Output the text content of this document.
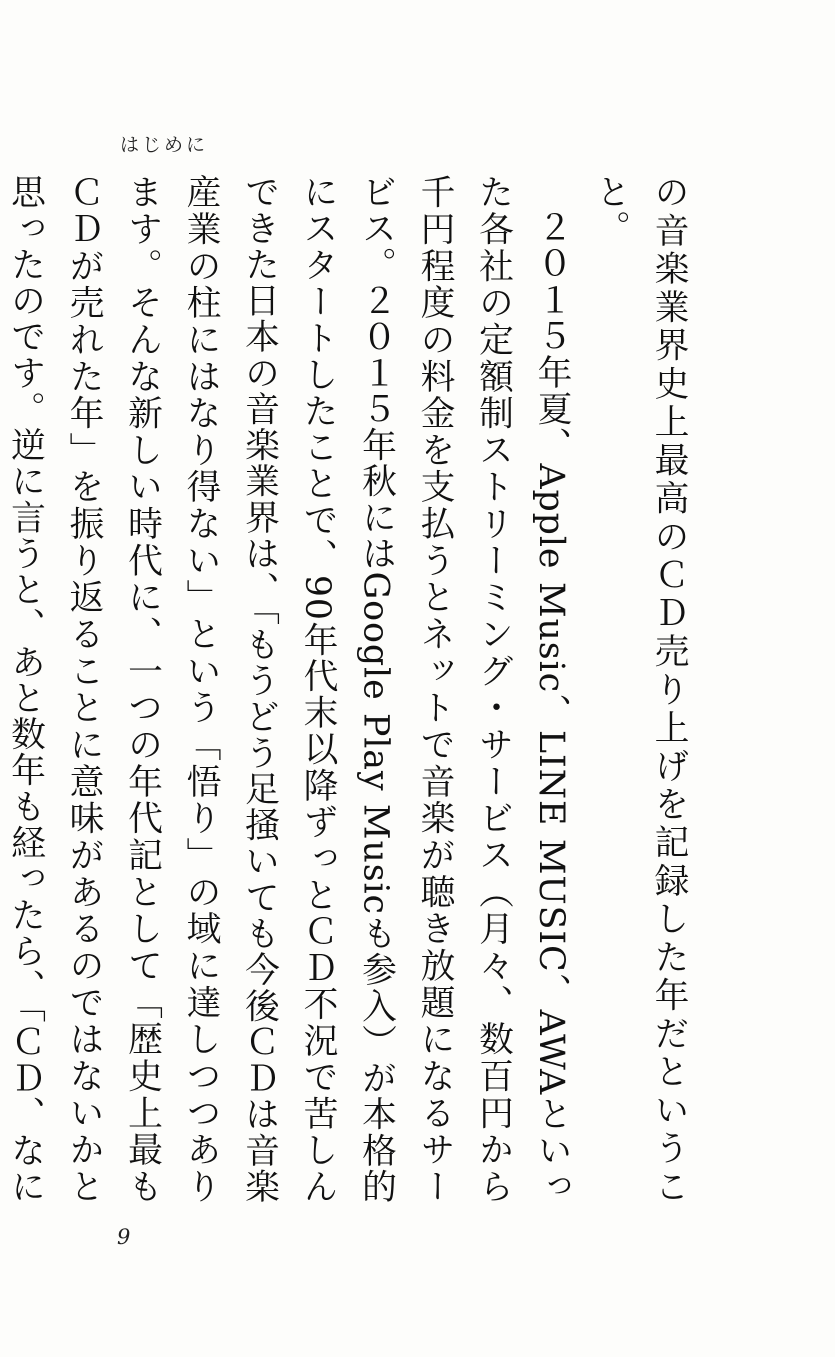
はじめに

の音楽業界史上最高のＣＤ売り上げを記録した年だということ。

２０１５年夏、Apple Music、LINE MUSIC、AWAといった各社の定額制ストリーミング・サービス（月々、数百円から千円程度の料金を支払うとネットで音楽が聴き放題になるサービス。２０１５年秋にはGoogle Play Musicも参入）が本格的にスタートしたことで、90年代末以降ずっとＣＤ不況で苦しんできた日本の音楽業界は、「もうどう足掻いても今後ＣＤは音楽産業の柱にはなり得ない」という「悟り」の域に達しつつあります。そんな新しい時代に、一つの年代記として「歴史上最もＣＤが売れた年」を振り返ることに意味があるのではないかと思ったのです。逆に言うと、あと数年も経ったら、「ＣＤ、なに

9
